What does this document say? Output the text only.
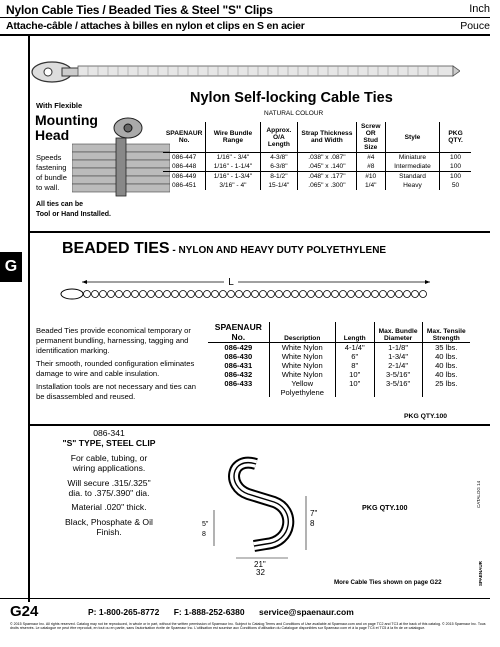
Nylon Cable Ties / Beaded Ties & Steel "S" Clips
Attache-câble / attaches à billes en nylon et clips en S en acier
Inch
Pouce
G
With Flexible
Mounting
Head
Speeds
fastening
of bundle
to wall.
All ties can be
Tool or Hand Installed.
Nylon Self-locking Cable Ties
NATURAL COLOUR
SPAENAUR No.	Wire Bundle Range	Approx. O/A Length	Strap Thickness and Width	Screw OR Stud Size	Style	PKG QTY.
086-447	1/16" - 3/4"	4-3/8"	.038" x .087"	#4	Miniature	100
086-448	1/16" - 1-1/4"	6-3/8"	.045" x .140"	#8	Intermediate	100
086-449	1/16" - 1-3/4"	8-1/2"	.048" x .177"	#10	Standard	100
086-451	3/16" - 4"	15-1/4"	.065" x .300"	1/4"	Heavy	50
BEADED TIES - NYLON AND HEAVY DUTY POLYETHYLENE
L

Beaded Ties provide economical temporary or permanent bundling, harnessing, tagging and identification marking.

Their smooth, rounded configuration eliminates damage to wire and cable insulation.

Installation tools are not necessary and ties can be disassembled and reused.

SPAENAUR No.	Description	Length	Max. Bundle Diameter	Max. Tensile Strength
086-429	White Nylon	4-1/4"	1-1/8"	35 lbs.
086-430	White Nylon	6"	1-3/4"	40 lbs.
086-431	White Nylon	8"	2-1/4"	40 lbs.
086-432	White Nylon	10"	3-5/16"	40 lbs.
086-433	Yellow Polyethylene	10"	3-5/16"	25 lbs.
PKG QTY.100
086-341
"S" TYPE, STEEL CLIP
For cable, tubing, or
wiring applications.
Will secure .315/.325"
dia. to .375/.390" dia.
Material .020" thick.
Black, Phosphate & Oil
Finish.
7"
8
5"
8
21"
32
PKG QTY.100
More Cable Ties shown on page G22
CATALOG 14
SPAENAUR
G24	P: 1-800-265-8772 F: 1-888-252-6380 service@spaenaur.com
© 2015 Spaenaur Inc. All rights reserved. Catalog may not be reproduced, in whole or in part, without the written permission of Spaenaur Inc. Subject to Catalog Terms and Conditions of Use available at Spaenaur.com and on page TC2 and TC3 at the back of this catalog. © 2015 Spaenaur Inc. Tous droits réservés. Le catalogue ne peut être reproduit, en tout ou en partie, sans l'autorisation écrite de Spaenaur Inc. L'utilisation est soumise aux Conditions d'utilisation du Catalogue disponibles sur Spaenaur.com et à la page TC4 et TC5 à la fin de ce catalogue.
